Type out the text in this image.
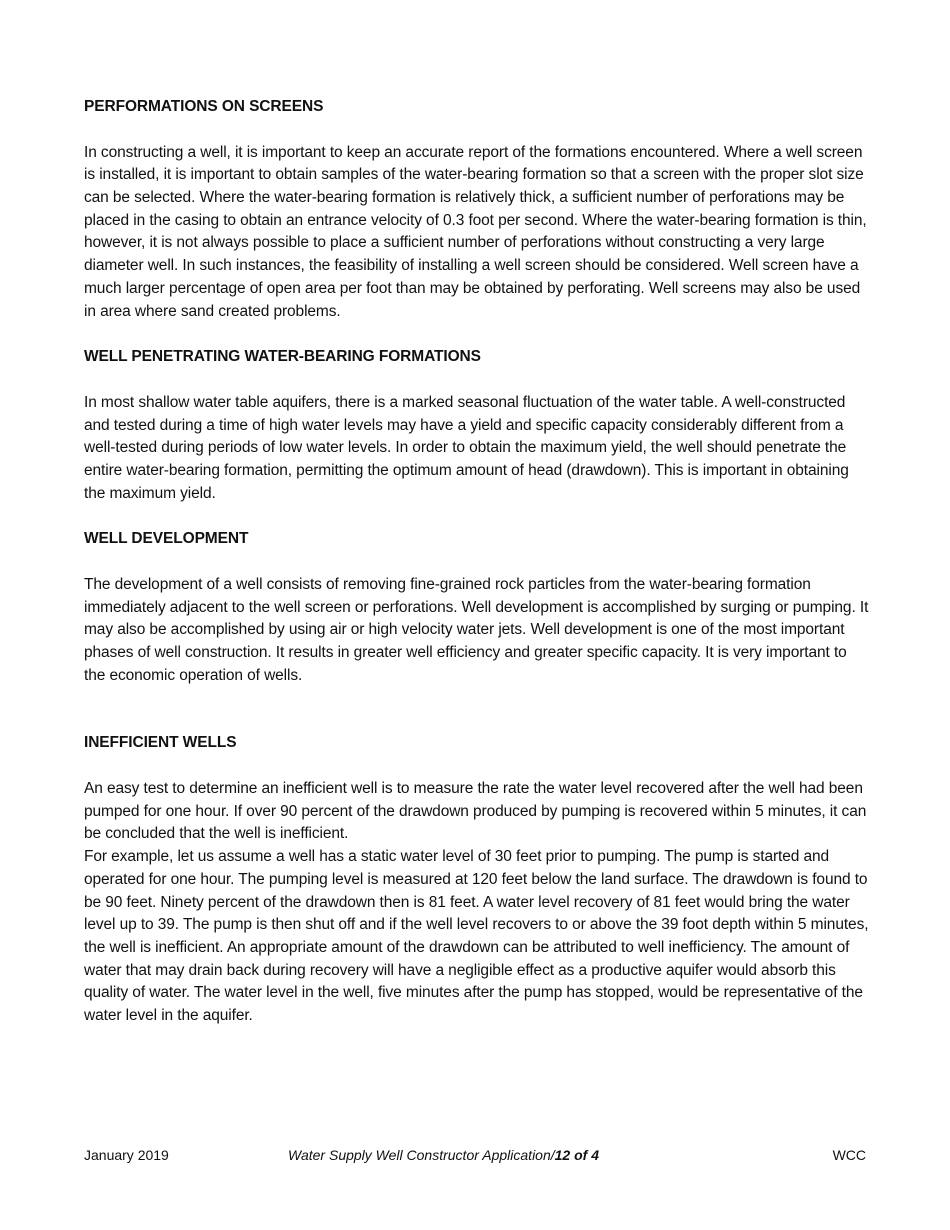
PERFORMATIONS ON SCREENS

In constructing a well, it is important to keep an accurate report of the formations encountered. Where a well screen is installed, it is important to obtain samples of the water-bearing formation so that a screen with the proper slot size can be selected. Where the water-bearing formation is relatively thick, a sufficient number of perforations may be placed in the casing to obtain an entrance velocity of 0.3 foot per second. Where the water-bearing formation is thin, however, it is not always possible to place a sufficient number of perforations without constructing a very large diameter well. In such instances, the feasibility of installing a well screen should be considered. Well screen have a much larger percentage of open area per foot than may be obtained by perforating. Well screens may also be used in area where sand created problems.

WELL PENETRATING WATER-BEARING FORMATIONS

In most shallow water table aquifers, there is a marked seasonal fluctuation of the water table. A well-constructed and tested during a time of high water levels may have a yield and specific capacity considerably different from a well-tested during periods of low water levels. In order to obtain the maximum yield, the well should penetrate the entire water-bearing formation, permitting the optimum amount of head (drawdown). This is important in obtaining the maximum yield.

WELL DEVELOPMENT

The development of a well consists of removing fine-grained rock particles from the water-bearing formation immediately adjacent to the well screen or perforations. Well development is accomplished by surging or pumping. It may also be accomplished by using air or high velocity water jets. Well development is one of the most important phases of well construction. It results in greater well efficiency and greater specific capacity. It is very important to the economic operation of wells.

INEFFICIENT WELLS

An easy test to determine an inefficient well is to measure the rate the water level recovered after the well had been pumped for one hour. If over 90 percent of the drawdown produced by pumping is recovered within 5 minutes, it can be concluded that the well is inefficient.

For example, let us assume a well has a static water level of 30 feet prior to pumping. The pump is started and operated for one hour. The pumping level is measured at 120 feet below the land surface. The drawdown is found to be 90 feet. Ninety percent of the drawdown then is 81 feet. A water level recovery of 81 feet would bring the water level up to 39. The pump is then shut off and if the well level recovers to or above the 39 foot depth within 5 minutes, the well is inefficient. An appropriate amount of the drawdown can be attributed to well inefficiency. The amount of water that may drain back during recovery will have a negligible effect as a productive aquifer would absorb this quality of water. The water level in the well, five minutes after the pump has stopped, would be representative of the water level in the aquifer.

January 2019	Water Supply Well Constructor Application/12 of 4	WCC
